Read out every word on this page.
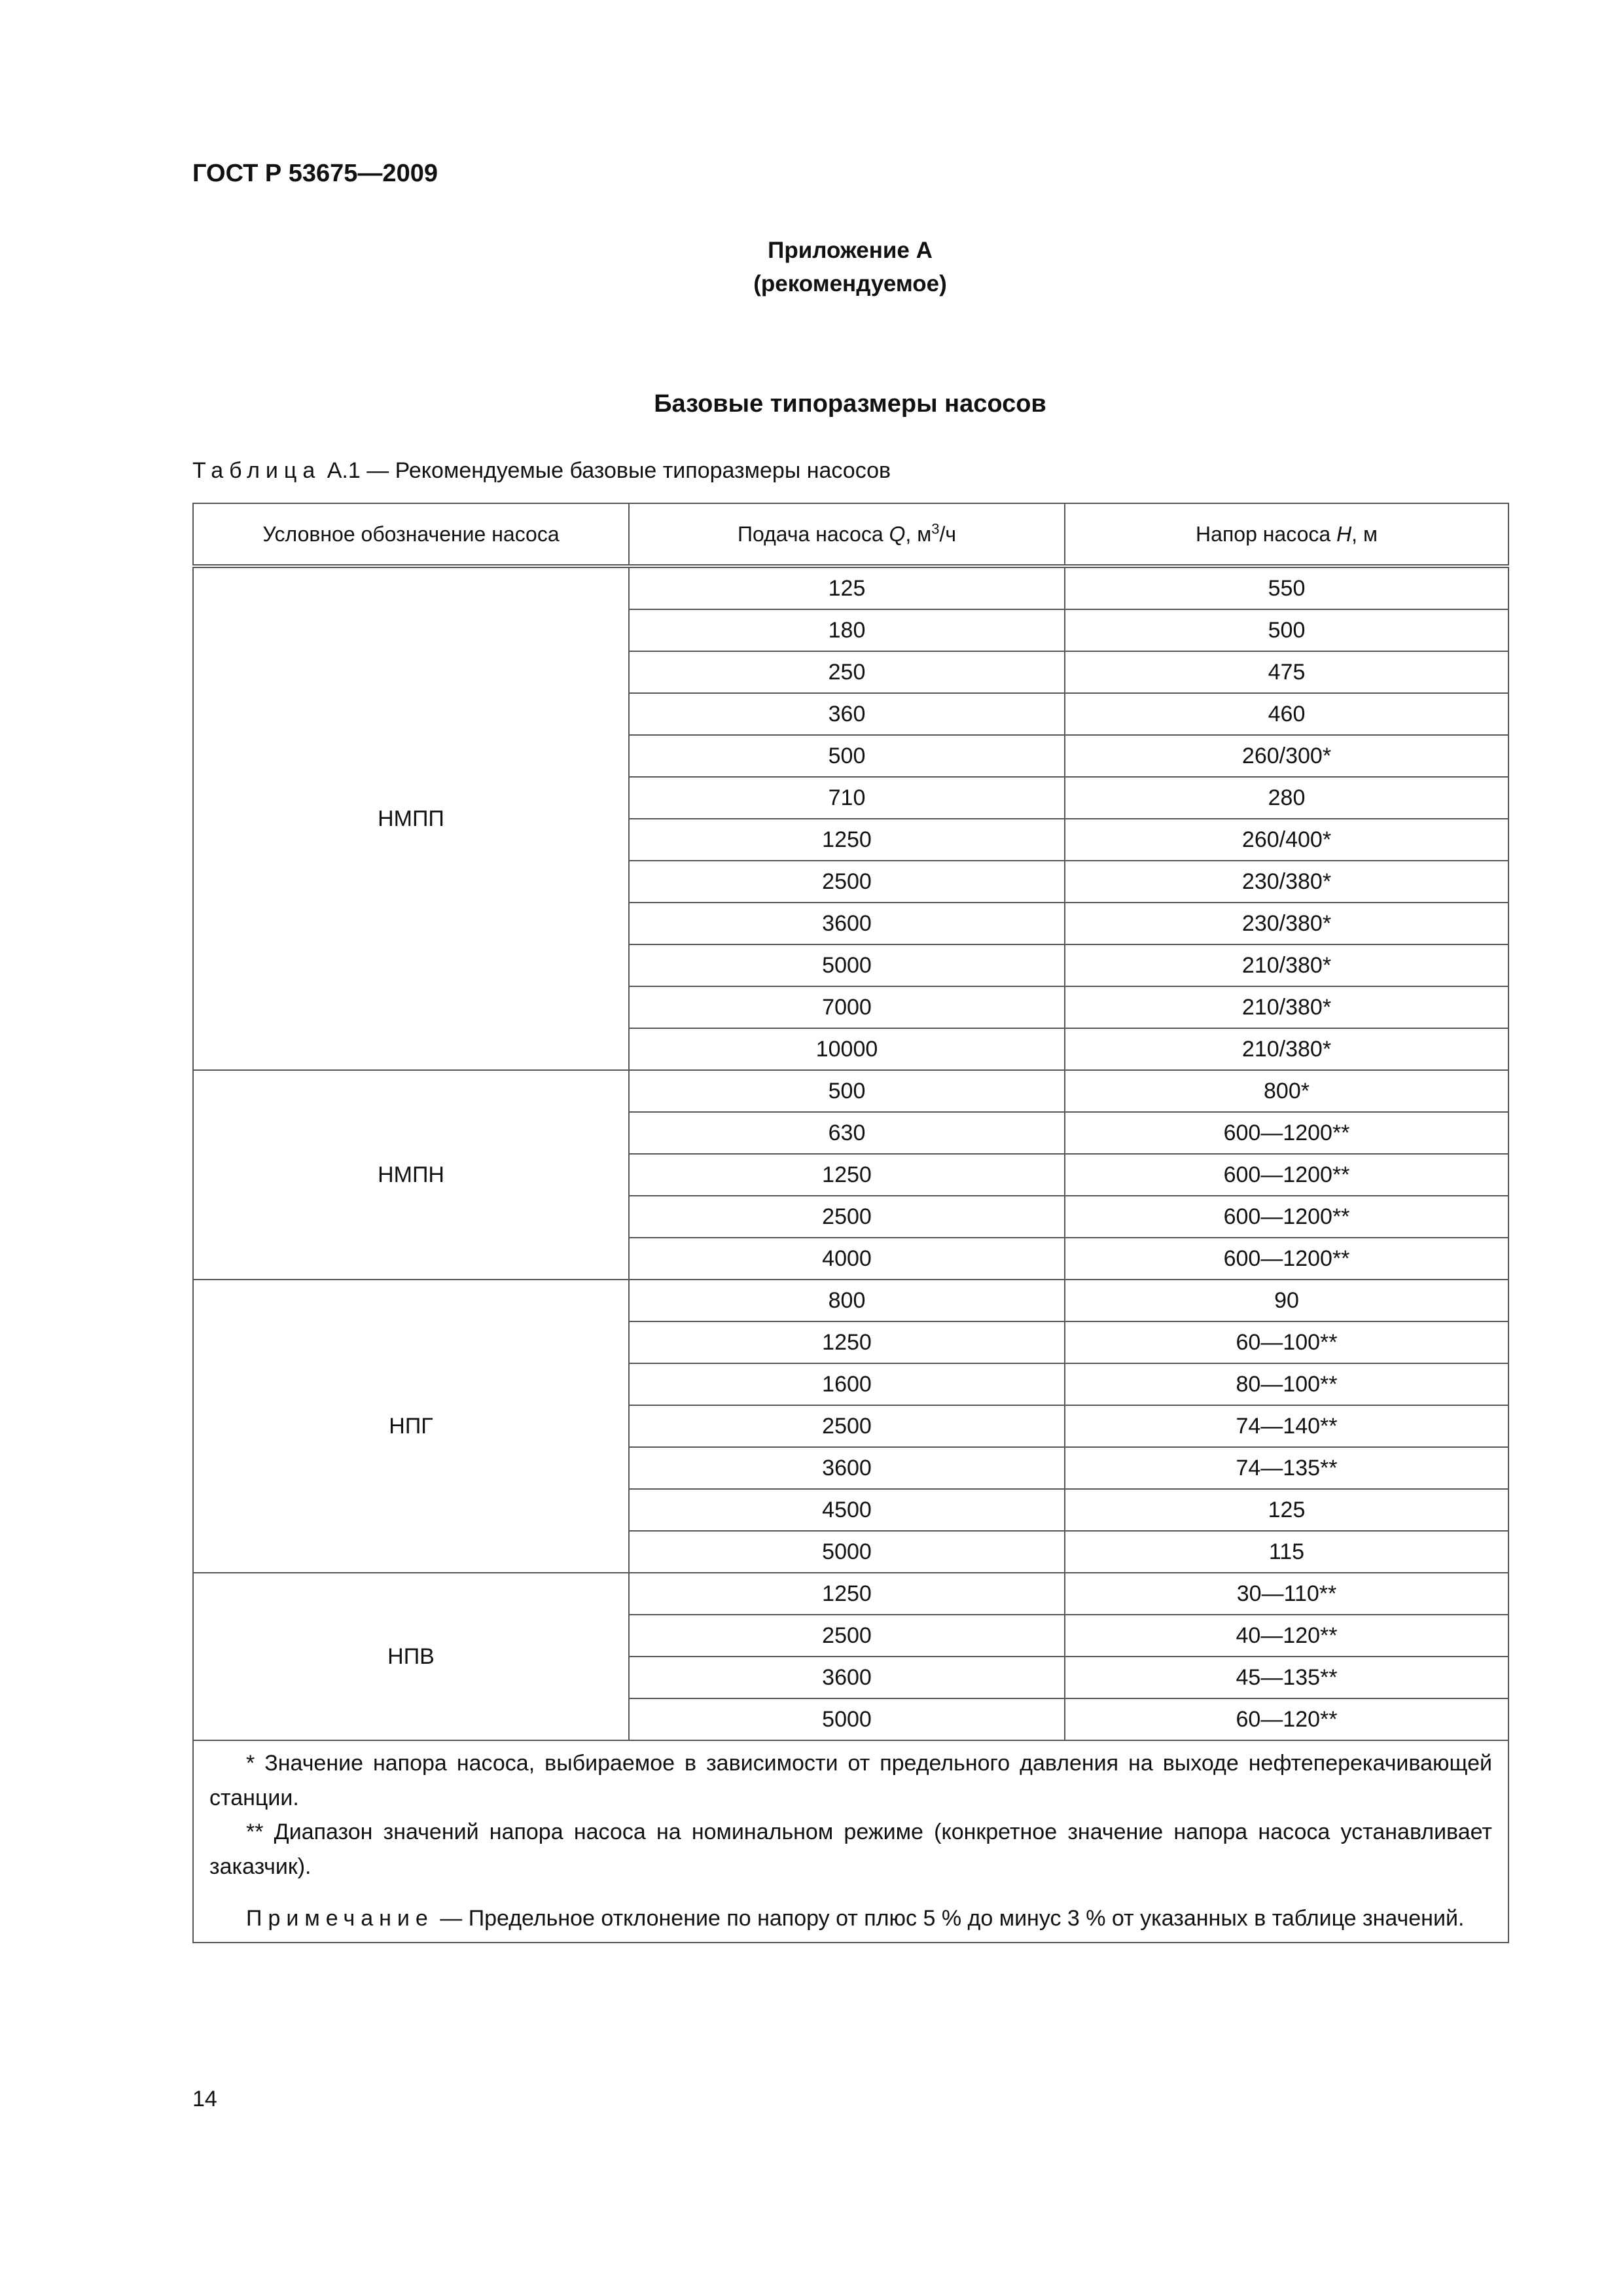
ГОСТ Р 53675—2009
Приложение А
(рекомендуемое)
Базовые типоразмеры насосов
Таблица А.1 — Рекомендуемые базовые типоразмеры насосов
Условное обозначение насоса	Подача насоса Q, $м^3/ч$	Напор насоса H, м
НМПП	125	550
	180	500
	250	475
	360	460
	500	260/300*
	710	280
	1250	260/400*
	2500	230/380*
	3600	230/380*
	5000	210/380*
	7000	210/380*
	10000	210/380*
НМПН	500	800*
	630	600—1200**
	1250	600—1200**
	2500	600—1200**
	4000	600—1200**
НПГ	800	90
	1250	60—100**
	1600	80—100**
	2500	74—140**
	3600	74—135**
	4500	125
	5000	115
НПВ	1250	30—110**
	2500	40—120**
	3600	45—135**
	5000	60—120**

* Значение напора насоса, выбираемое в зависимости от предельного давления на выходе нефтеперекачивающей станции.
** Диапазон значений напора насоса на номинальном режиме (конкретное значение напора насоса устанавливает заказчик).
Примечание — Предельное отклонение по напору от плюс 5 % до минус 3 % от указанных в таблице значений.		
14
